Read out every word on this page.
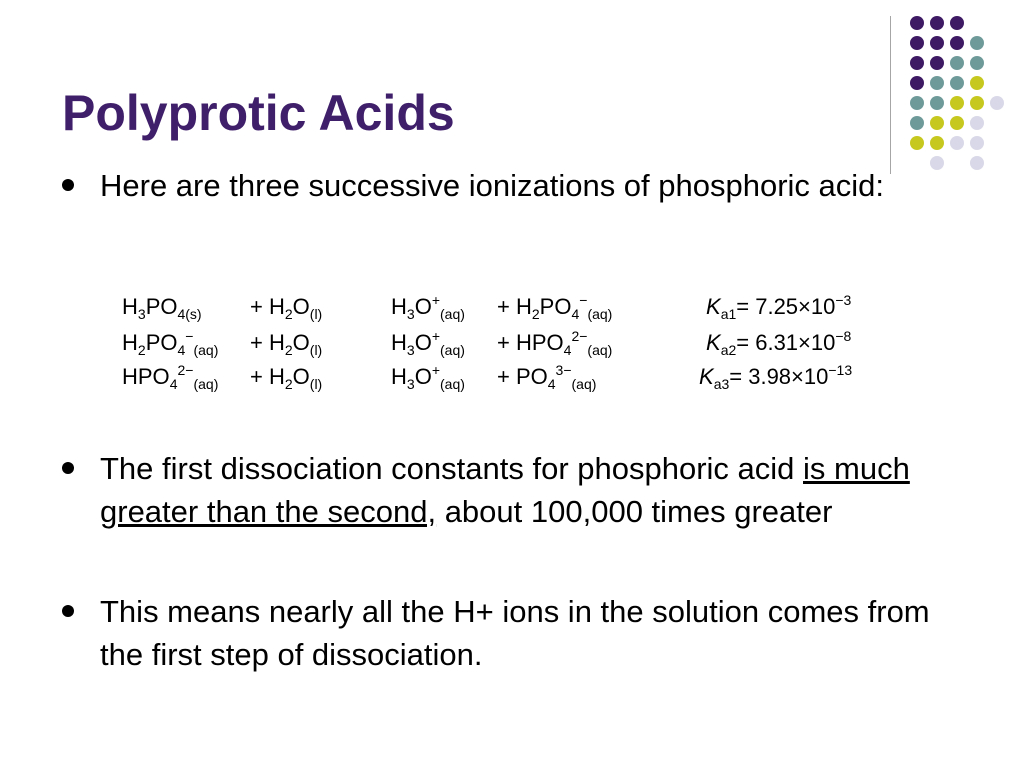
Polyprotic Acids
Here are three successive ionizations of phosphoric acid:
$H_3PO_{4(s)} + H_2O_{(l)}$	$H_3O^+_{(aq)} + H_2PO_4^-_{(aq)}$	$K_{a1}= 7.25\times 10^{-3}$
$H_2PO_4^-_{(aq)} + H_2O_{(l)}$	$H_3O^+_{(aq)} + HPO_4^{2-}_{(aq)}$	$K_{a2}= 6.31\times 10^{-8}$
$HPO_4^{2-}_{(aq)} + H_2O_{(l)}$	$H_3O^+_{(aq)} + PO_4^{3-}_{(aq)}$	$K_{a3}= 3.98\times 10^{-13}$
The first dissociation constants for phosphoric acid is much greater than the second, about 100,000 times greater
This means nearly all the H+ ions in the solution comes from the first step of dissociation.
